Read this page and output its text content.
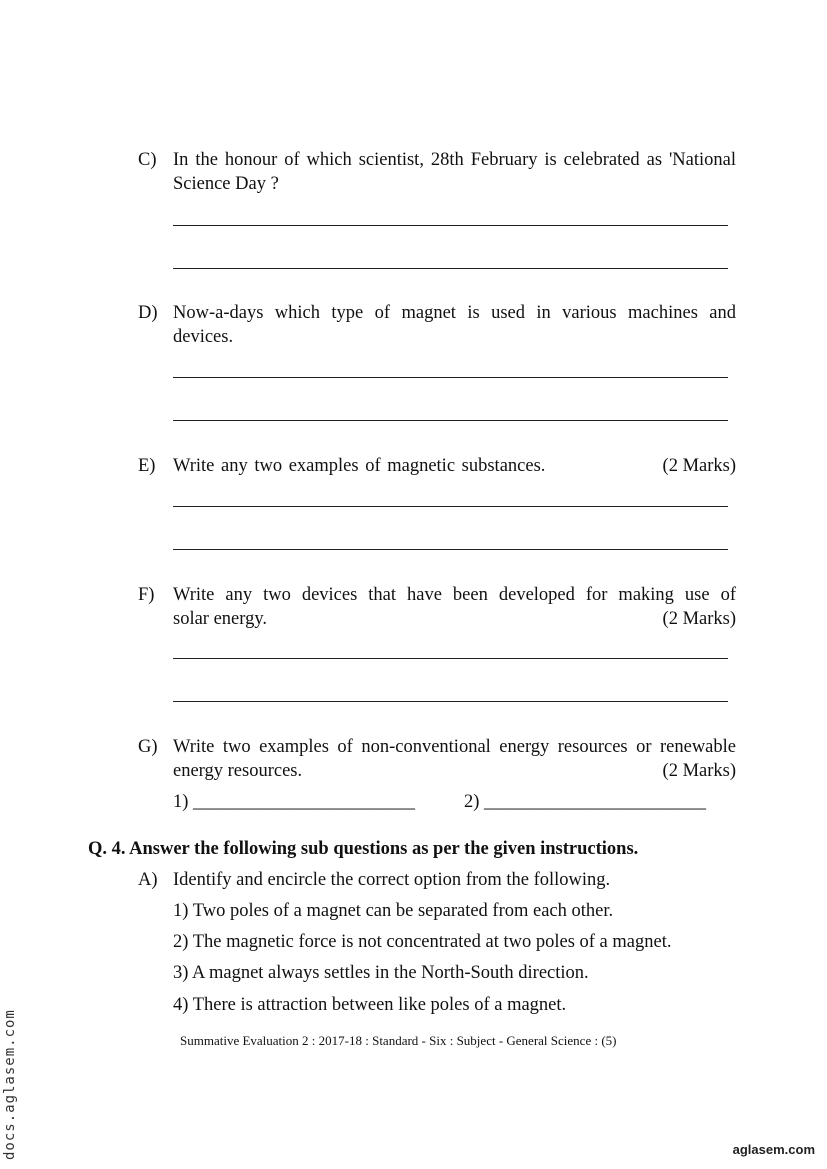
C) In the honour of which scientist, 28th February is celebrated as 'National
Science Day ?
D) Now-a-days which type of magnet is used in various machines and
devices.
E) Write any two examples of magnetic substances.	(2 Marks)
F) Write any two devices that have been developed for making use of
solar energy.	(2 Marks)
G) Write two examples of non-conventional energy resources or renewable
energy resources.	(2 Marks)
1) ________________________	2) ________________________
Q. 4. Answer the following sub questions as per the given instructions.
A) Identify and encircle the correct option from the following.
1) Two poles of a magnet can be separated from each other.
2) The magnetic force is not concentrated at two poles of a magnet.
3) A magnet always settles in the North-South direction.
4) There is attraction between like poles of a magnet.
Summative Evaluation 2 : 2017-18 : Standard - Six : Subject - General Science : (5)
docs.aglasem.com	aglasem.com
